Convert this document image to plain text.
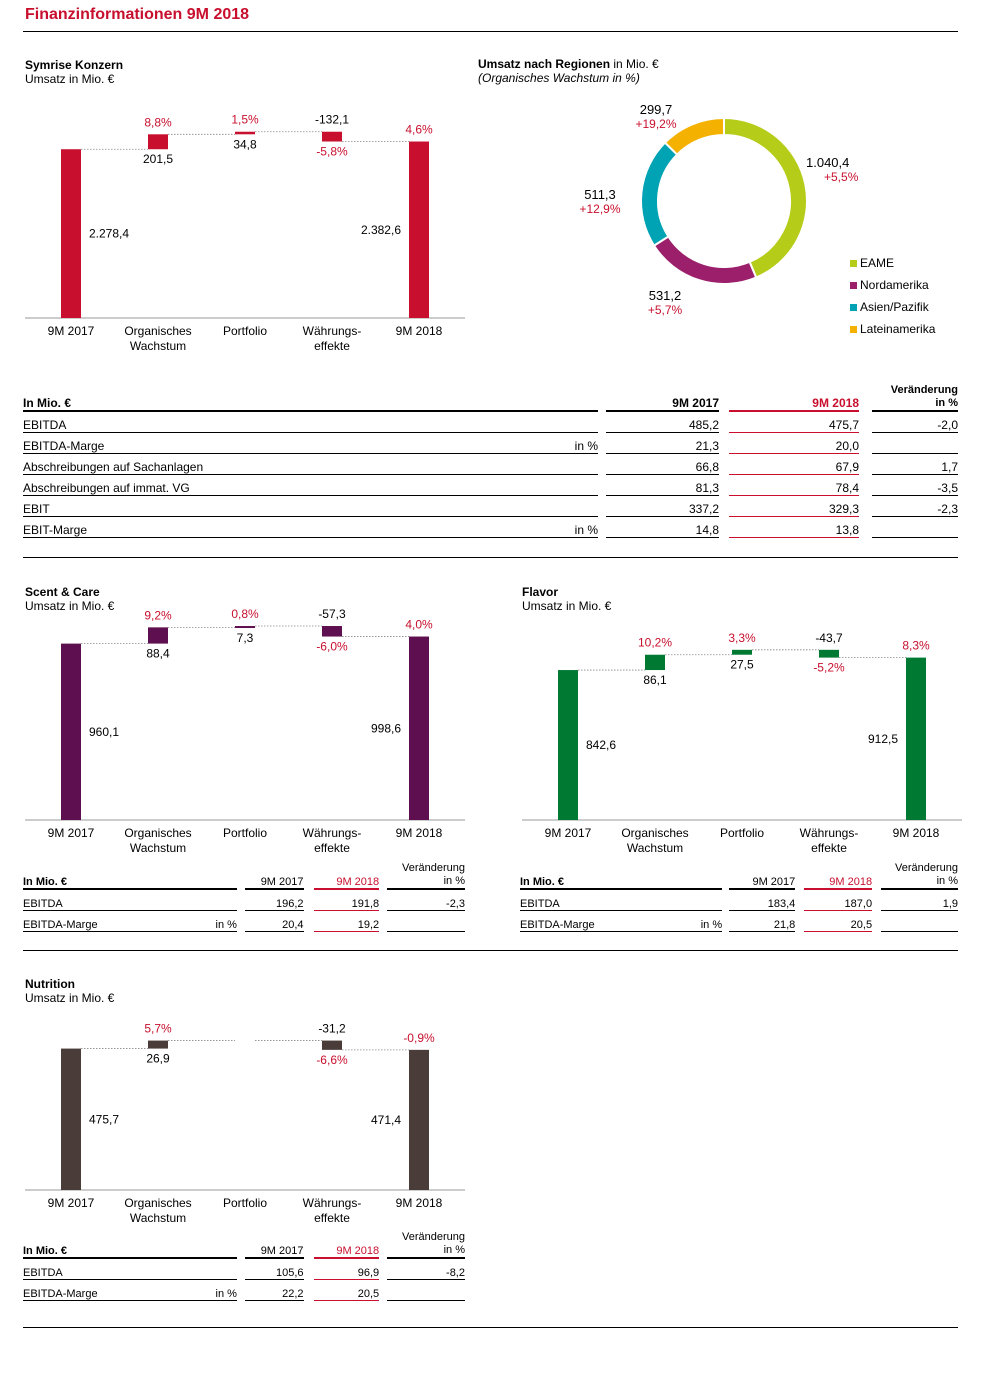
Finanzinformationen 9M 2018
Symrise Konzern
Umsatz in Mio. €
2.278,4
9M 2017
8,8%
201,5
Organisches Wachstum
1,5%
34,8
Portfolio
-132,1
-5,8%
Währungs-effekte
2.382,6
4,6%
9M 2018
Umsatz nach Regionen in Mio. €
(Organisches Wachstum in %)
1.040,4
+5,5%
EAME
531,2
+5,7%
Nordamerika
511,3
+12,9%
Asien/Pazifik
299,7
+19,2%
Lateinamerika
In Mio. €			9M 2017		9M 2018		Veränderung
in %

EBITDA			485,2		475,7		-2,0
EBITDA-Marge	in %		21,3		20,0		
Abschreibungen auf Sachanlagen			66,8		67,9		1,7
Abschreibungen auf immat. VG			81,3		78,4		-3,5
EBIT			337,2		329,3		-2,3
EBIT-Marge	in %		14,8		13,8		
Scent & Care
Umsatz in Mio. €
960,1
9M 2017
9,2%
88,4
Organisches Wachstum
0,8%
7,3
Portfolio
-57,3
-6,0%
Währungs-effekte
998,6
4,0%
9M 2018
In Mio. €			9M 2017		9M 2018		Veränderung
in %

EBITDA			196,2		191,8		-2,3
EBITDA-Marge	in %		20,4		19,2		
Flavor
Umsatz in Mio. €
842,6
9M 2017
10,2%
86,1
Organisches Wachstum
3,3%
27,5
Portfolio
-43,7
-5,2%
Währungs-effekte
912,5
8,3%
9M 2018
In Mio. €			9M 2017		9M 2018		Veränderung
in %

EBITDA			183,4		187,0		1,9
EBITDA-Marge	in %		21,8		20,5		
Nutrition
Umsatz in Mio. €
475,7
9M 2017
5,7%
26,9
Organisches Wachstum
Portfolio
-31,2
-6,6%
Währungs-effekte
471,4
-0,9%
9M 2018
In Mio. €			9M 2017		9M 2018		Veränderung
in %

EBITDA			105,6		96,9		-8,2
EBITDA-Marge	in %		22,2		20,5		
